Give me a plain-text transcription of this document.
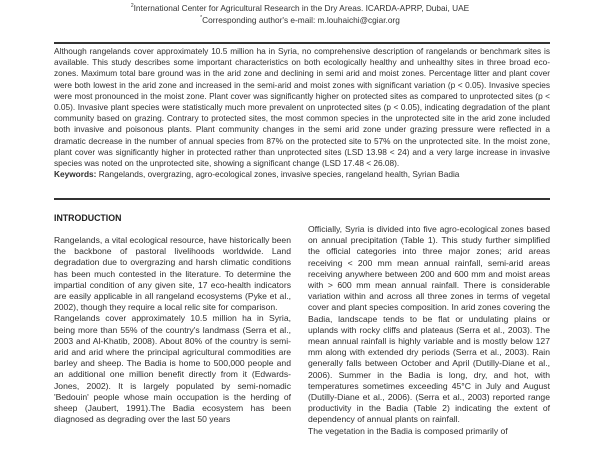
$^2$International Center for Agricultural Research in the Dry Areas. ICARDA-APRP, Dubai, UAE
*Corresponding author's e-mail: m.louhaichi@cgiar.org

Although rangelands cover approximately 10.5 million ha in Syria, no comprehensive description of rangelands or benchmark sites is available. This study describes some important characteristics on both ecologically healthy and unhealthy sites in three broad eco-zones. Maximum total bare ground was in the arid zone and declining in semi arid and moist zones. Percentage litter and plant cover were both lowest in the arid zone and increased in the semi-arid and moist zones with significant variation (p < 0.05). Invasive species were most pronounced in the moist zone. Plant cover was significantly higher on protected sites as compared to unprotected sites (p < 0.05). Invasive plant species were statistically much more prevalent on unprotected sites (p < 0.05), indicating degradation of the plant community based on grazing. Contrary to protected sites, the most common species in the unprotected site in the arid zone included both invasive and poisonous plants. Plant community changes in the semi arid zone under grazing pressure were reflected in a dramatic decrease in the number of annual species from 87% on the protected site to 57% on the unprotected site. In the moist zone, plant cover was significantly higher in protected rather than unprotected sites (LSD 13.98 < 24) and a very large increase in invasive species was noted on the unprotected site, showing a significant change (LSD 17.48 < 26.08).

Keywords: Rangelands, overgrazing, agro-ecological zones, invasive species, rangeland health, Syrian Badia

INTRODUCTION

Rangelands, a vital ecological resource, have historically been the backbone of pastoral livelihoods worldwide. Land degradation due to overgrazing and harsh climatic conditions has been much contested in the literature. To determine the impartial condition of any given site, 17 eco-health indicators are easily applicable in all rangeland ecosystems (Pyke et al., 2002), though they require a local relic site for comparison.

Rangelands cover approximately 10.5 million ha in Syria, being more than 55% of the country's landmass (Serra et al., 2003 and Al-Khatib, 2008). About 80% of the country is semi-arid and arid where the principal agricultural commodities are barley and sheep. The Badia is home to 500,000 people and an additional one million benefit directly from it (Edwards-Jones, 2002). It is largely populated by semi-nomadic 'Bedouin' people whose main occupation is the herding of sheep (Jaubert, 1991).The Badia ecosystem has been diagnosed as degrading over the last 50 years

Officially, Syria is divided into five agro-ecological zones based on annual precipitation (Table 1). This study further simplified the official categories into three major zones; arid areas receiving < 200 mm mean annual rainfall, semi-arid areas receiving anywhere between 200 and 600 mm and moist areas with > 600 mm mean annual rainfall. There is considerable variation within and across all three zones in terms of vegetal cover and plant species composition. In arid zones covering the Badia, landscape tends to be flat or undulating plains or uplands with rocky cliffs and plateaus (Serra et al., 2003). The mean annual rainfall is highly variable and is mostly below 127 mm along with extended dry periods (Serra et al., 2003). Rain generally falls between October and April (Dutilly-Diane et al., 2006). Summer in the Badia is long, dry, and hot, with temperatures sometimes exceeding 45°C in July and August (Dutilly-Diane et al., 2006). (Serra et al., 2003) reported range productivity in the Badia (Table 2) indicating the extent of dependency of annual plants on rainfall.

The vegetation in the Badia is composed primarily of
